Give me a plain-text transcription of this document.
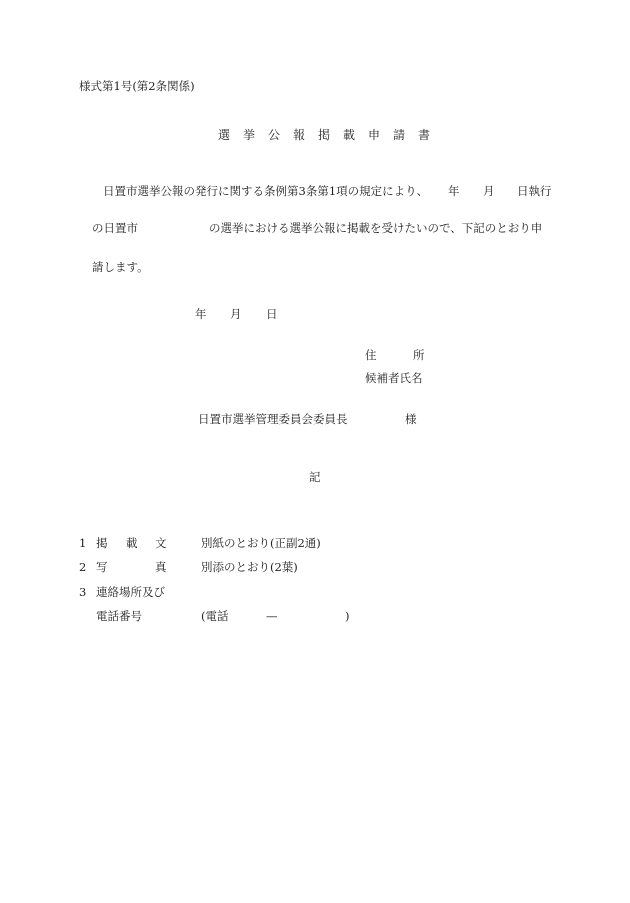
様式第1号(第2条関係)
選挙公報掲載申請書
日置市選挙公報の発行に関する条例第3条第1項の規定により、 年 月 日執行
の日置市	の選挙における選挙公報に掲載を受けたいので、下記のとおり申
請します。
年 月 日
住	所
候補者氏名
日置市選挙管理委員会委員長	様
記
1 掲 載 文	別紙のとおり(正副2通)
2 写	真	別添のとおり(2葉)
3 連絡場所及び
電話番号	(電話	—	)
